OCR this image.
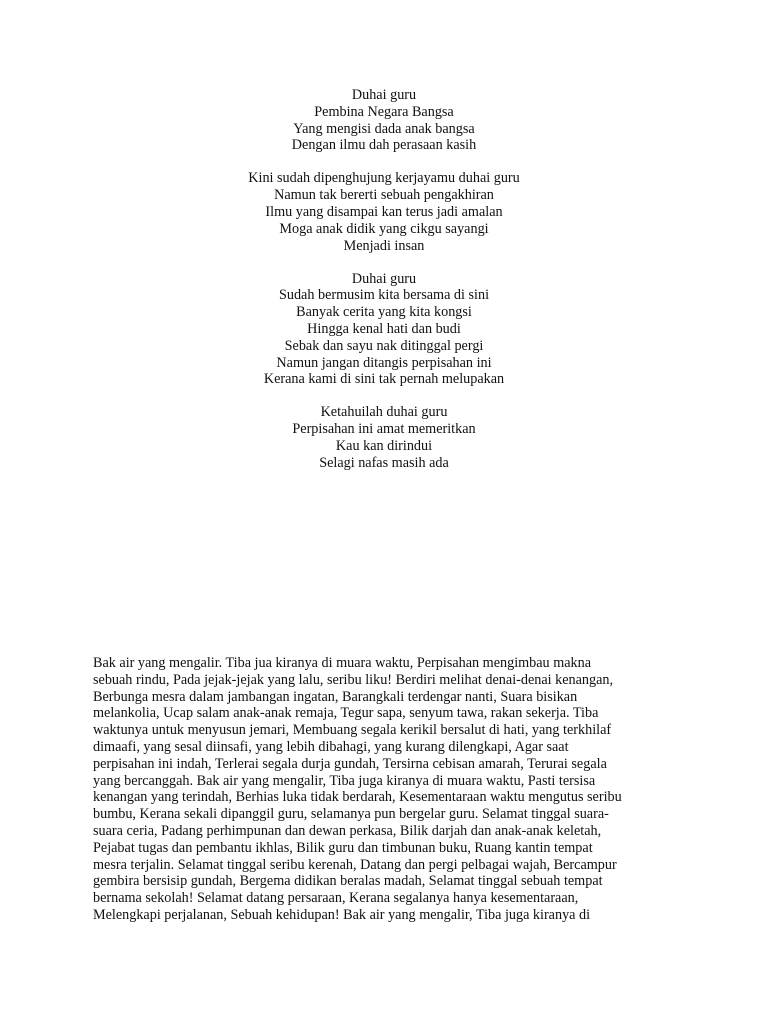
Duhai guru
Pembina Negara Bangsa
Yang mengisi dada anak bangsa
Dengan ilmu dah perasaan kasih
Kini sudah dipenghujung kerjayamu duhai guru
Namun tak bererti sebuah pengakhiran
Ilmu yang disampai kan terus jadi amalan
Moga anak didik yang cikgu sayangi
Menjadi insan
Duhai guru
Sudah bermusim kita bersama di sini
Banyak cerita yang kita kongsi
Hingga kenal hati dan budi
Sebak dan sayu nak ditinggal pergi
Namun jangan ditangis perpisahan ini
Kerana kami di sini tak pernah melupakan
Ketahuilah duhai guru
Perpisahan ini amat memeritkan
Kau kan dirindui
Selagi nafas masih ada
Bak air yang mengalir. Tiba jua kiranya di muara waktu, Perpisahan mengimbau makna
sebuah rindu, Pada jejak-jejak yang lalu, seribu liku! Berdiri melihat denai-denai kenangan,
Berbunga mesra dalam jambangan ingatan, Barangkali terdengar nanti, Suara bisikan
melankolia, Ucap salam anak-anak remaja, Tegur sapa, senyum tawa, rakan sekerja. Tiba
waktunya untuk menyusun jemari, Membuang segala kerikil bersalut di hati, yang terkhilaf
dimaafi, yang sesal diinsafi, yang lebih dibahagi, yang kurang dilengkapi, Agar saat
perpisahan ini indah, Terlerai segala durja gundah, Tersirna cebisan amarah, Terurai segala
yang bercanggah. Bak air yang mengalir, Tiba juga kiranya di muara waktu, Pasti tersisa
kenangan yang terindah, Berhias luka tidak berdarah, Kesementaraan waktu mengutus seribu
bumbu, Kerana sekali dipanggil guru, selamanya pun bergelar guru. Selamat tinggal suara-
suara ceria, Padang perhimpunan dan dewan perkasa, Bilik darjah dan anak-anak keletah,
Pejabat tugas dan pembantu ikhlas, Bilik guru dan timbunan buku, Ruang kantin tempat
mesra terjalin. Selamat tinggal seribu kerenah, Datang dan pergi pelbagai wajah, Bercampur
gembira bersisip gundah, Bergema didikan beralas madah, Selamat tinggal sebuah tempat
bernama sekolah! Selamat datang persaraan, Kerana segalanya hanya kesementaraan,
Melengkapi perjalanan, Sebuah kehidupan! Bak air yang mengalir, Tiba juga kiranya di
